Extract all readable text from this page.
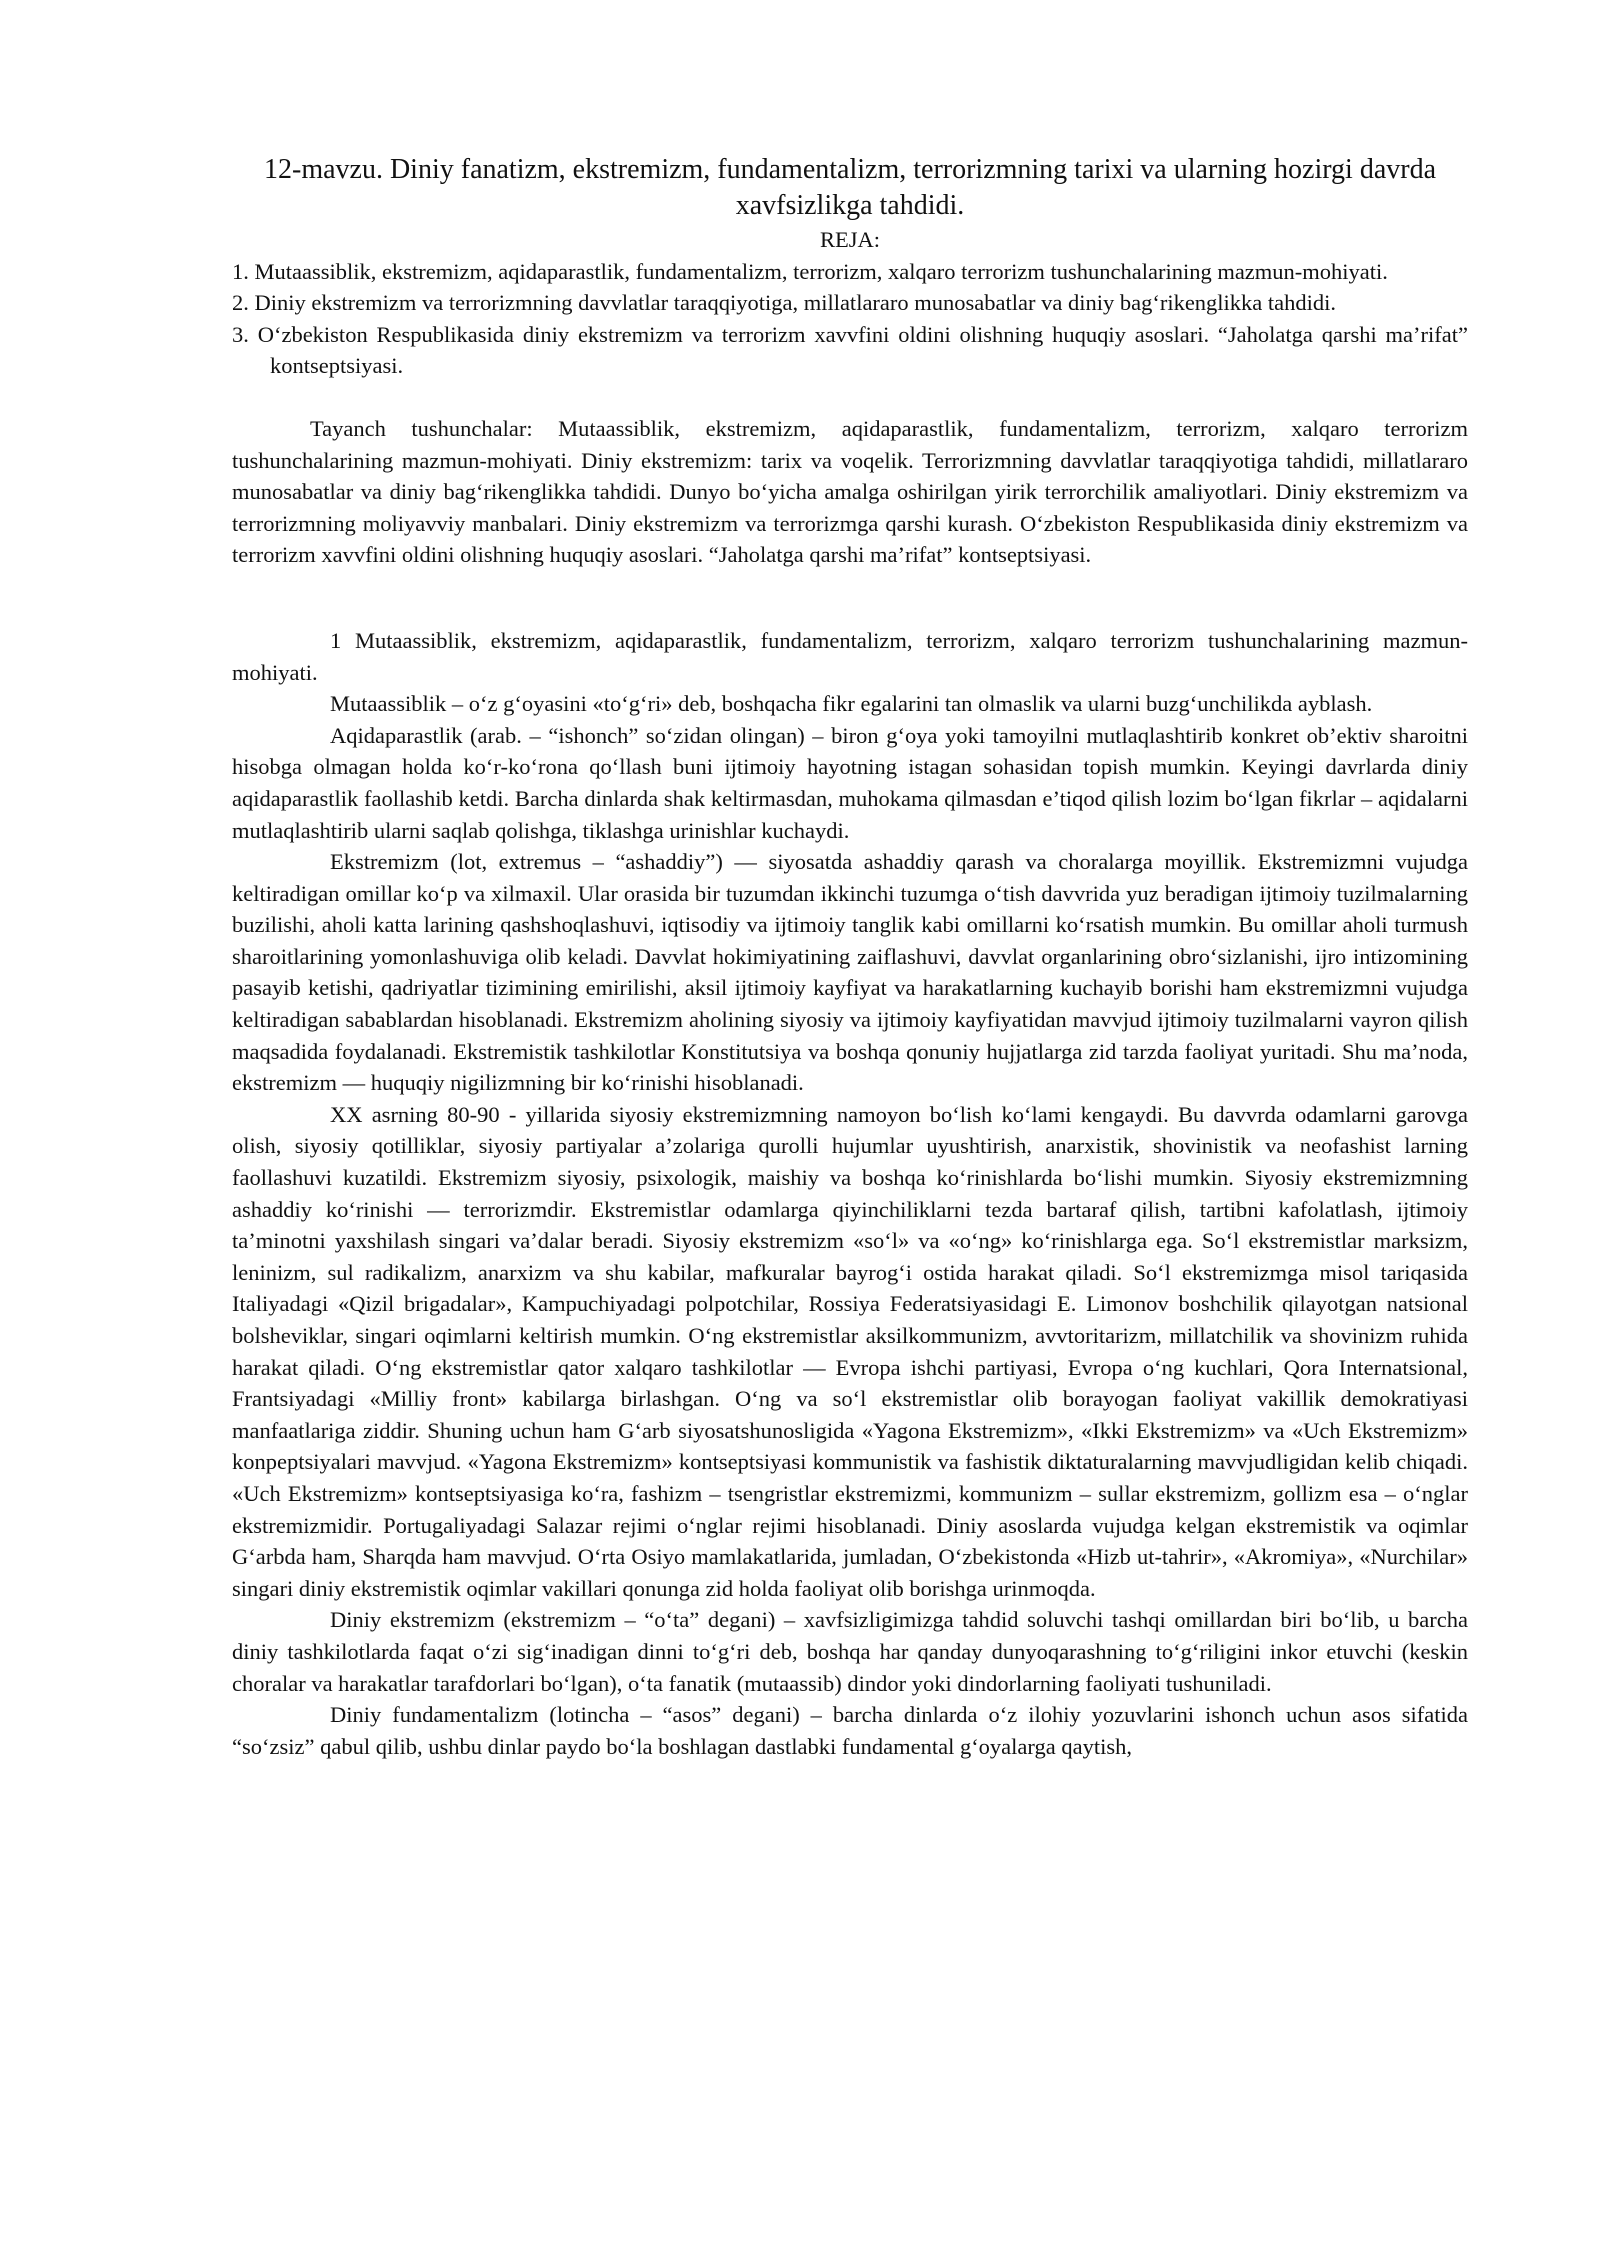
12-mavzu. Diniy fanatizm, ekstremizm, fundamentalizm, terrorizmning tarixi va ularning hozirgi davrda xavfsizlikga tahdidi.

REJA:

1. Mutaassiblik, ekstremizm, aqidaparastlik, fundamentalizm, terrorizm, xalqaro terrorizm tushunchalarining mazmun-mohiyati.
2. Diniy ekstremizm va terrorizmning davvlatlar taraqqiyotiga, millatlararo munosabatlar va diniy bag‘rikenglikka tahdidi.
3. O‘zbekiston Respublikasida diniy ekstremizm va terrorizm xavvfini oldini olishning huquqiy asoslari. “Jaholatga qarshi ma’rifat” kontseptsiyasi.

Tayanch tushunchalar: Mutaassiblik, ekstremizm, aqidaparastlik, fundamentalizm, terrorizm, xalqaro terrorizm tushunchalarining mazmun-mohiyati. Diniy ekstremizm: tarix va voqelik. Terrorizmning davvlatlar taraqqiyotiga tahdidi, millatlararo munosabatlar va diniy bag‘rikenglikka tahdidi. Dunyo bo‘yicha amalga oshirilgan yirik terrorchilik amaliyotlari. Diniy ekstremizm va terrorizmning moliyavviy manbalari. Diniy ekstremizm va terrorizmga qarshi kurash. O‘zbekiston Respublikasida diniy ekstremizm va terrorizm xavvfini oldini olishning huquqiy asoslari. “Jaholatga qarshi ma’rifat” kontseptsiyasi.

1 Mutaassiblik, ekstremizm, aqidaparastlik, fundamentalizm, terrorizm, xalqaro terrorizm tushunchalarining mazmun-mohiyati.

Mutaassiblik – o‘z g‘oyasini «to‘g‘ri» deb, boshqacha fikr egalarini tan olmaslik va ularni buzg‘unchilikda ayblash.

Aqidaparastlik (arab. – “ishonch” so‘zidan olingan) – biron g‘oya yoki tamoyilni mutlaqlashtirib konkret ob’ektiv sharoitni hisobga olmagan holda ko‘r-ko‘rona qo‘llash buni ijtimoiy hayotning istagan sohasidan topish mumkin. Keyingi davrlarda diniy aqidaparastlik faollashib ketdi. Barcha dinlarda shak keltirmasdan, muhokama qilmasdan e’tiqod qilish lozim bo‘lgan fikrlar – aqidalarni mutlaqlashtirib ularni saqlab qolishga, tiklashga urinishlar kuchaydi.

Ekstremizm (lot, extremus – “ashaddiy”) — siyosatda ashaddiy qarash va choralarga moyillik. Ekstremizmni vujudga keltiradigan omillar ko‘p va xilmaxil. Ular orasida bir tuzumdan ikkinchi tuzumga o‘tish davvrida yuz beradigan ijtimoiy tuzilmalarning buzilishi, aholi katta larining qashshoqlashuvi, iqtisodiy va ijtimoiy tanglik kabi omillarni ko‘rsatish mumkin. Bu omillar aholi turmush sharoitlarining yomonlashuviga olib keladi. Davvlat hokimiyatining zaiflashuvi, davvlat organlarining obro‘sizlanishi, ijro intizomining pasayib ketishi, qadriyatlar tizimining emirilishi, aksil ijtimoiy kayfiyat va harakatlarning kuchayib borishi ham ekstremizmni vujudga keltiradigan sabablardan hisoblanadi. Ekstremizm aholining siyosiy va ijtimoiy kayfiyatidan mavvjud ijtimoiy tuzilmalarni vayron qilish maqsadida foydalanadi. Ekstremistik tashkilotlar Konstitutsiya va boshqa qonuniy hujjatlarga zid tarzda faoliyat yuritadi. Shu ma’noda, ekstremizm — huquqiy nigilizmning bir ko‘rinishi hisoblanadi.

XX asrning 80-90 - yillarida siyosiy ekstremizmning namoyon bo‘lish ko‘lami kengaydi. Bu davvrda odamlarni garovga olish, siyosiy qotilliklar, siyosiy partiyalar a’zolariga qurolli hujumlar uyushtirish, anarxistik, shovinistik va neofashist larning faollashuvi kuzatildi. Ekstremizm siyosiy, psixologik, maishiy va boshqa ko‘rinishlarda bo‘lishi mumkin. Siyosiy ekstremizmning ashaddiy ko‘rinishi — terrorizmdir. Ekstremistlar odamlarga qiyinchiliklarni tezda bartaraf qilish, tartibni kafolatlash, ijtimoiy ta’minotni yaxshilash singari va’dalar beradi. Siyosiy ekstremizm «so‘l» va «o‘ng» ko‘rinishlarga ega. So‘l ekstremistlar marksizm, leninizm, sul radikalizm, anarxizm va shu kabilar, mafkuralar bayrog‘i ostida harakat qiladi. So‘l ekstremizmga misol tariqasida Italiyadagi «Qizil brigadalar», Kampuchiyadagi polpotchilar, Rossiya Federatsiyasidagi E. Limonov boshchilik qilayotgan natsional bolsheviklar, singari oqimlarni keltirish mumkin. O‘ng ekstremistlar aksilkommunizm, avvtoritarizm, millatchilik va shovinizm ruhida harakat qiladi. O‘ng ekstremistlar qator xalqaro tashkilotlar — Evropa ishchi partiyasi, Evropa o‘ng kuchlari, Qora Internatsional, Frantsiyadagi «Milliy front» kabilarga birlashgan. O‘ng va so‘l ekstremistlar olib borayogan faoliyat vakillik demokratiyasi manfaatlariga ziddir. Shuning uchun ham G‘arb siyosatshunosligida «Yagona Ekstremizm», «Ikki Ekstremizm» va «Uch Ekstremizm» konpeptsiyalari mavvjud. «Yagona Ekstremizm» kontseptsiyasi kommunistik va fashistik diktaturalarning mavvjudligidan kelib chiqadi. «Uch Ekstremizm» kontseptsiyasiga ko‘ra, fashizm – tsengristlar ekstremizmi, kommunizm – sullar ekstremizm, gollizm esa – o‘nglar ekstremizmidir. Portugaliyadagi Salazar rejimi o‘nglar rejimi hisoblanadi. Diniy asoslarda vujudga kelgan ekstremistik va oqimlar G‘arbda ham, Sharqda ham mavvjud. O‘rta Osiyo mamlakatlarida, jumladan, O‘zbekistonda «Hizb ut-tahrir», «Akromiya», «Nurchilar» singari diniy ekstremistik oqimlar vakillari qonunga zid holda faoliyat olib borishga urinmoqda.

Diniy ekstremizm (ekstremizm – “o‘ta” degani) – xavfsizligimizga tahdid soluvchi tashqi omillardan biri bo‘lib, u barcha diniy tashkilotlarda faqat o‘zi sig‘inadigan dinni to‘g‘ri deb, boshqa har qanday dunyoqarashning to‘g‘riligini inkor etuvchi (keskin choralar va harakatlar tarafdorlari bo‘lgan), o‘ta fanatik (mutaassib) dindor yoki dindorlarning faoliyati tushuniladi.

Diniy fundamentalizm (lotincha – “asos” degani) – barcha dinlarda o‘z ilohiy yozuvlarini ishonch uchun asos sifatida “so‘zsiz” qabul qilib, ushbu dinlar paydo bo‘la boshlagan dastlabki fundamental g‘oyalarga qaytish,
